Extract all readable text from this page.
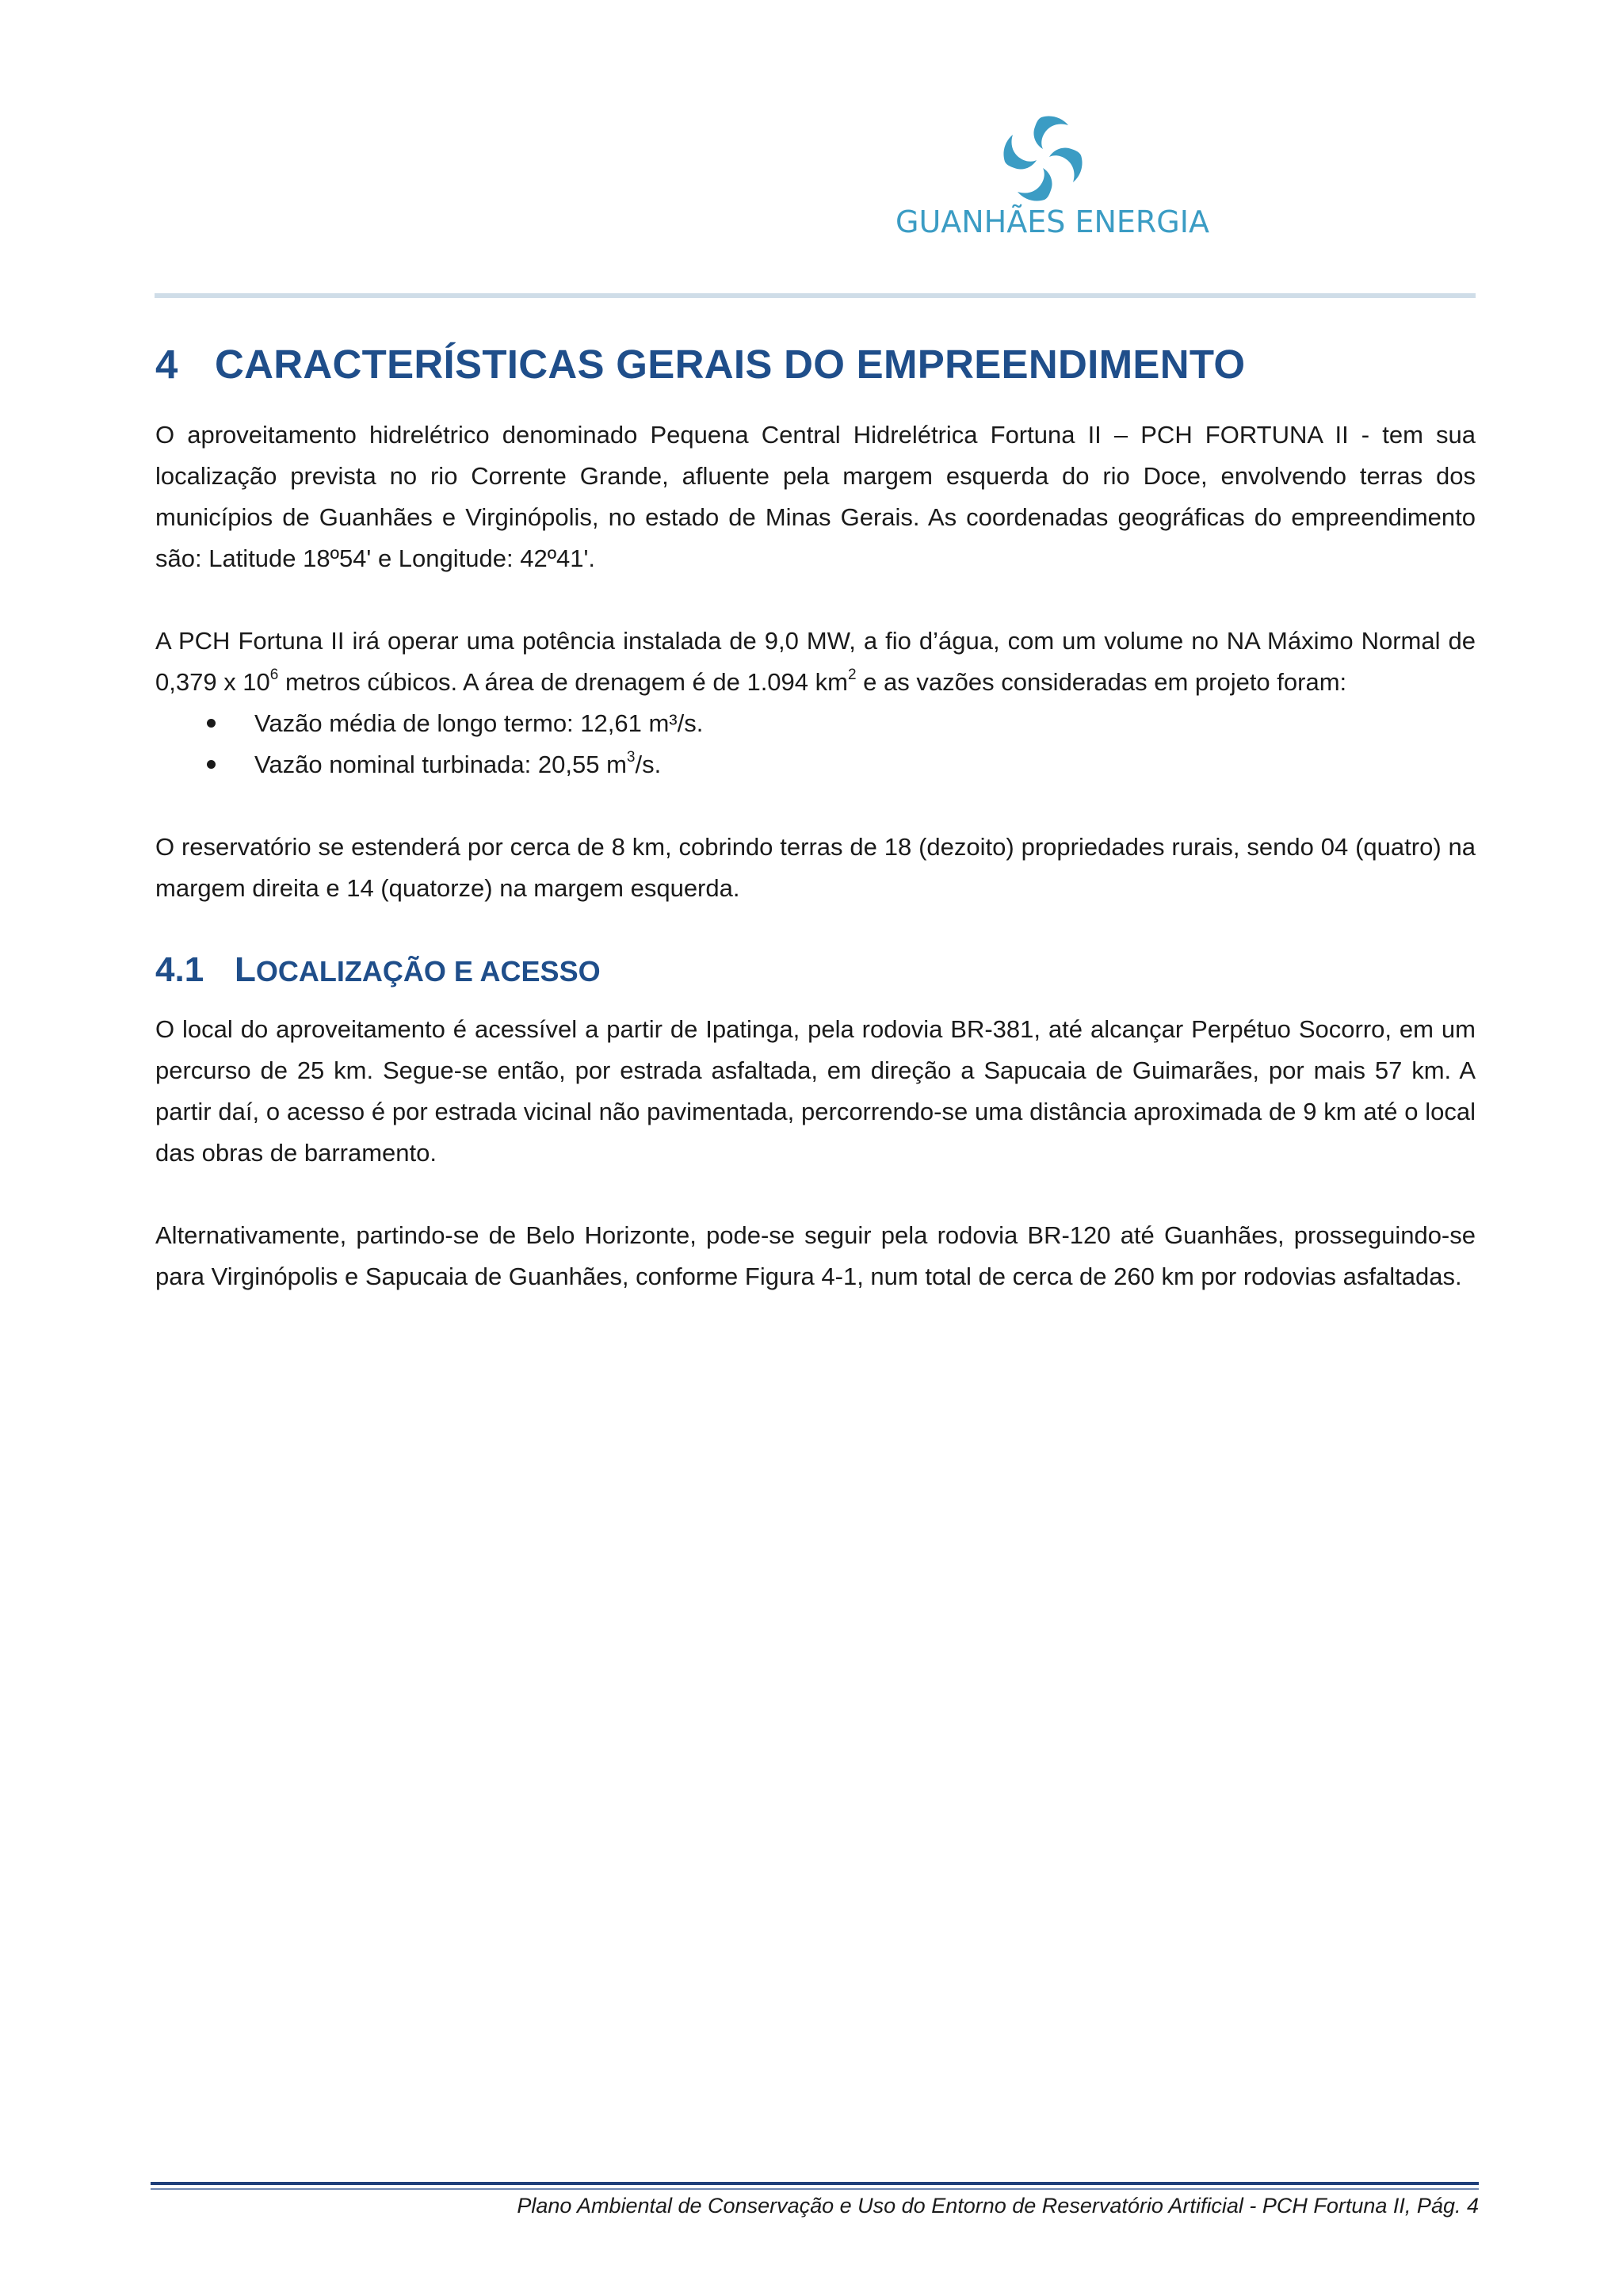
GUANHÃES ENERGIA
4 CARACTERÍSTICAS GERAIS DO EMPREENDIMENTO

O aproveitamento hidrelétrico denominado Pequena Central Hidrelétrica Fortuna II – PCH FORTUNA II - tem sua localização prevista no rio Corrente Grande, afluente pela margem esquerda do rio Doce, envolvendo terras dos municípios de Guanhães e Virginópolis, no estado de Minas Gerais. As coordenadas geográficas do empreendimento são: Latitude 18º54' e Longitude: 42º41'.

A PCH Fortuna II irá operar uma potência instalada de 9,0 MW, a fio d’água, com um volume no NA Máximo Normal de 0,379 x $10^6$ metros cúbicos. A área de drenagem é de 1.094 $km^2$ e as vazões consideradas em projeto foram:

Vazão média de longo termo: 12,61 m³/s.
Vazão nominal turbinada: 20,55 $m^3/s$.

O reservatório se estenderá por cerca de 8 km, cobrindo terras de 18 (dezoito) propriedades rurais, sendo 04 (quatro) na margem direita e 14 (quatorze) na margem esquerda.

4.1 LOCALIZAÇÃO E ACESSO

O local do aproveitamento é acessível a partir de Ipatinga, pela rodovia BR-381, até alcançar Perpétuo Socorro, em um percurso de 25 km. Segue-se então, por estrada asfaltada, em direção a Sapucaia de Guimarães, por mais 57 km. A partir daí, o acesso é por estrada vicinal não pavimentada, percorrendo-se uma distância aproximada de 9 km até o local das obras de barramento.

Alternativamente, partindo-se de Belo Horizonte, pode-se seguir pela rodovia BR-120 até Guanhães, prosseguindo-se para Virginópolis e Sapucaia de Guanhães, conforme Figura 4-1, num total de cerca de 260 km por rodovias asfaltadas.

Plano Ambiental de Conservação e Uso do Entorno de Reservatório Artificial - PCH Fortuna II, Pág. 4
